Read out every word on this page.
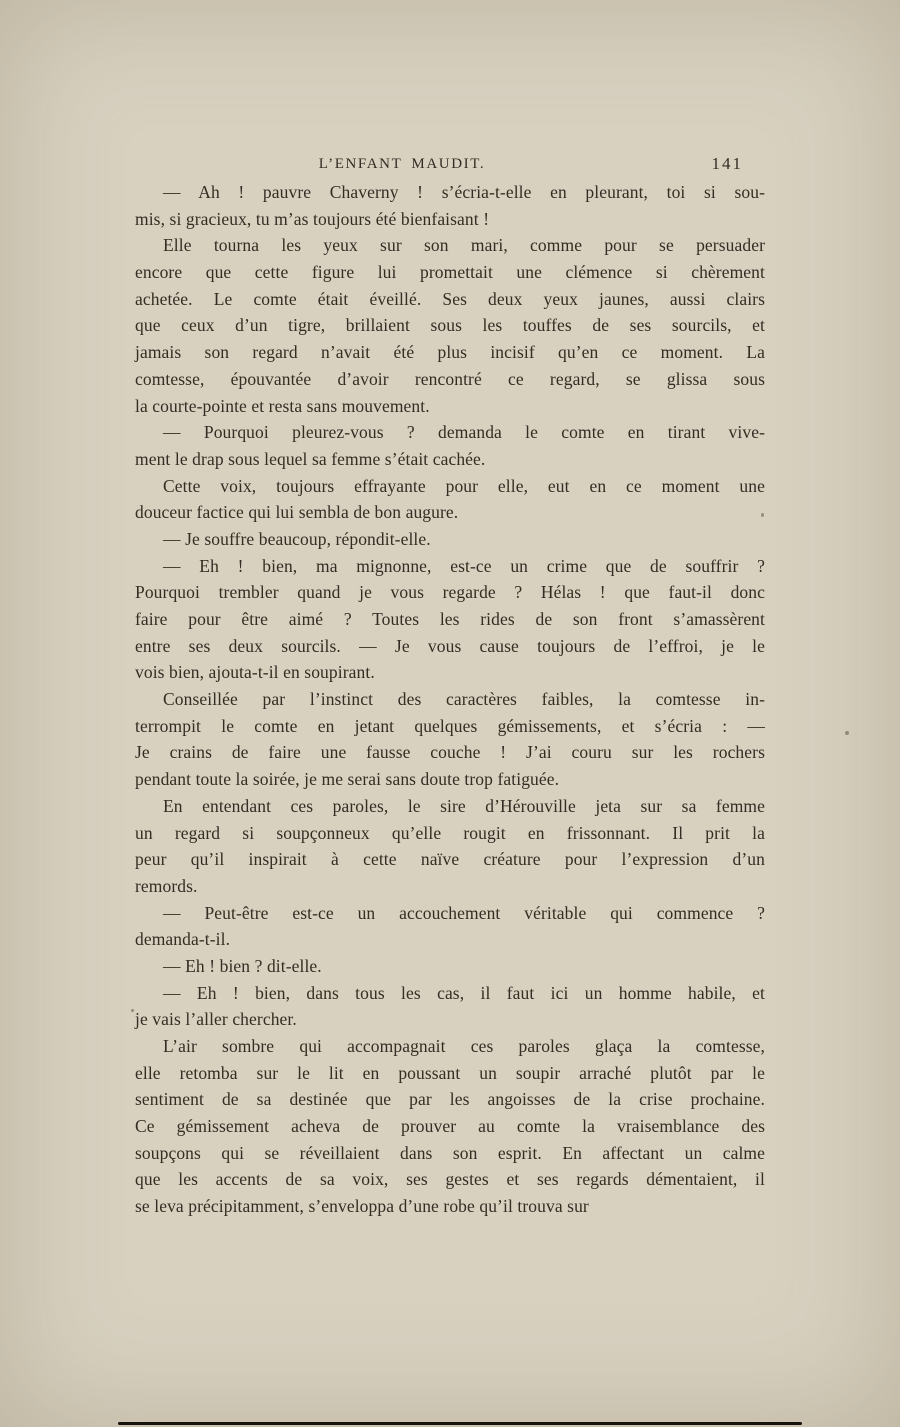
L’ENFANT MAUDIT.	141
— Ah ! pauvre Chaverny ! s’écria-t-elle en pleurant, toi si sou-
mis, si gracieux, tu m’as toujours été bienfaisant !
Elle tourna les yeux sur son mari, comme pour se persuader
encore que cette figure lui promettait une clémence si chèrement
achetée. Le comte était éveillé. Ses deux yeux jaunes, aussi clairs
que ceux d’un tigre, brillaient sous les touffes de ses sourcils, et
jamais son regard n’avait été plus incisif qu’en ce moment. La
comtesse, épouvantée d’avoir rencontré ce regard, se glissa sous
la courte-pointe et resta sans mouvement.
— Pourquoi pleurez-vous ? demanda le comte en tirant vive-
ment le drap sous lequel sa femme s’était cachée.
Cette voix, toujours effrayante pour elle, eut en ce moment une
douceur factice qui lui sembla de bon augure.
— Je souffre beaucoup, répondit-elle.
— Eh ! bien, ma mignonne, est-ce un crime que de souffrir ?
Pourquoi trembler quand je vous regarde ? Hélas ! que faut-il donc
faire pour être aimé ? Toutes les rides de son front s’amassèrent
entre ses deux sourcils. — Je vous cause toujours de l’effroi, je le
vois bien, ajouta-t-il en soupirant.
Conseillée par l’instinct des caractères faibles, la comtesse in-
terrompit le comte en jetant quelques gémissements, et s’écria : —
Je crains de faire une fausse couche ! J’ai couru sur les rochers
pendant toute la soirée, je me serai sans doute trop fatiguée.
En entendant ces paroles, le sire d’Hérouville jeta sur sa femme
un regard si soupçonneux qu’elle rougit en frissonnant. Il prit la
peur qu’il inspirait à cette naïve créature pour l’expression d’un
remords.
— Peut-être est-ce un accouchement véritable qui commence ?
demanda-t-il.
— Eh ! bien ? dit-elle.
— Eh ! bien, dans tous les cas, il faut ici un homme habile, et
je vais l’aller chercher.
L’air sombre qui accompagnait ces paroles glaça la comtesse,
elle retomba sur le lit en poussant un soupir arraché plutôt par le
sentiment de sa destinée que par les angoisses de la crise prochaine.
Ce gémissement acheva de prouver au comte la vraisemblance des
soupçons qui se réveillaient dans son esprit. En affectant un calme
que les accents de sa voix, ses gestes et ses regards démentaient, il
se leva précipitamment, s’enveloppa d’une robe qu’il trouva sur
